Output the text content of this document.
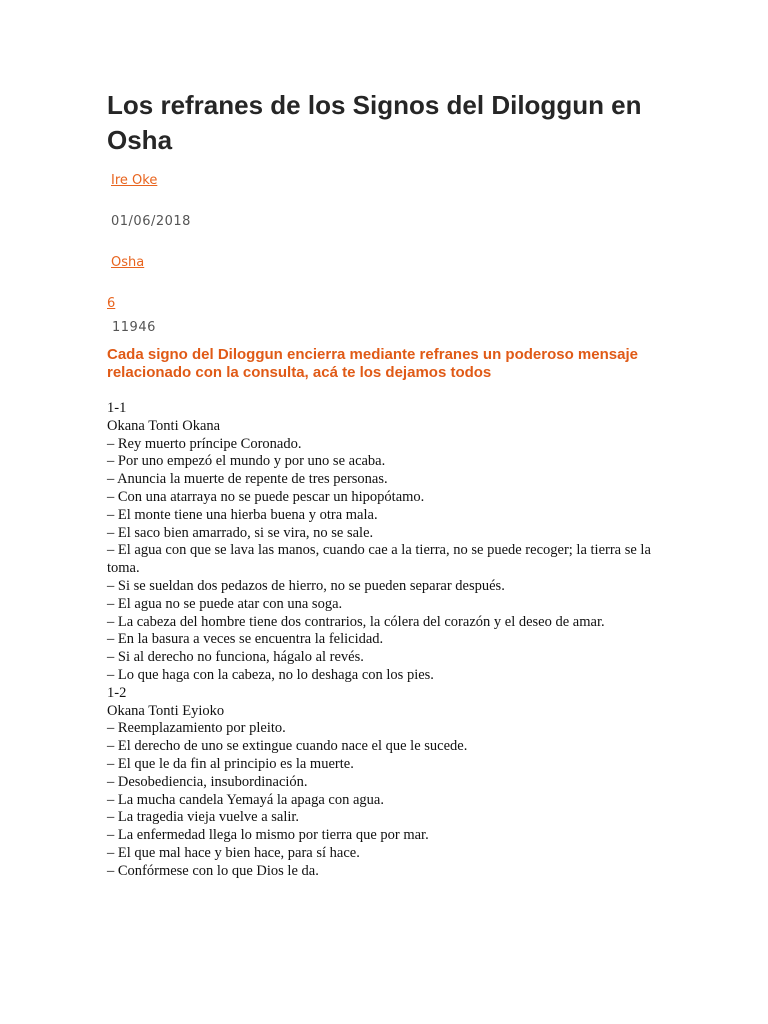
Los refranes de los Signos del Diloggun en Osha
Ire Oke
01/06/2018
Osha
6
11946

Cada signo del Diloggun encierra mediante refranes un poderoso mensaje relacionado con la consulta, acá te los dejamos todos

1-1
Okana Tonti Okana
– Rey muerto príncipe Coronado.
– Por uno empezó el mundo y por uno se acaba.
– Anuncia la muerte de repente de tres personas.
– Con una atarraya no se puede pescar un hipopótamo.
– El monte tiene una hierba buena y otra mala.
– El saco bien amarrado, si se vira, no se sale.
– El agua con que se lava las manos, cuando cae a la tierra, no se puede recoger; la tierra se la toma.
– Si se sueldan dos pedazos de hierro, no se pueden separar después.
– El agua no se puede atar con una soga.
– La cabeza del hombre tiene dos contrarios, la cólera del corazón y el deseo de amar.
– En la basura a veces se encuentra la felicidad.
– Si al derecho no funciona, hágalo al revés.
– Lo que haga con la cabeza, no lo deshaga con los pies.
1-2
Okana Tonti Eyioko
– Reemplazamiento por pleito.
– El derecho de uno se extingue cuando nace el que le sucede.
– El que le da fin al principio es la muerte.
– Desobediencia, insubordinación.
– La mucha candela Yemayá la apaga con agua.
– La tragedia vieja vuelve a salir.
– La enfermedad llega lo mismo por tierra que por mar.
– El que mal hace y bien hace, para sí hace.
– Confórmese con lo que Dios le da.
